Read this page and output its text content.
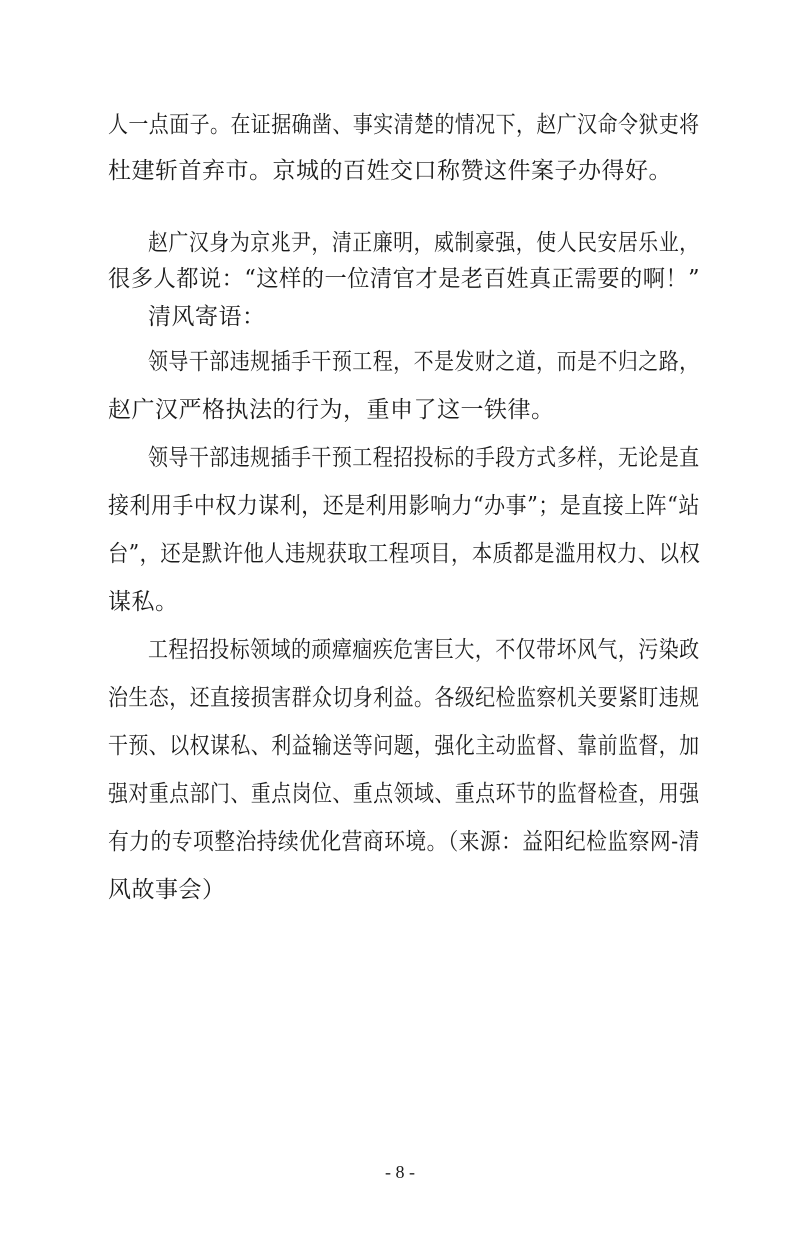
人一点面子。在证据确凿、事实清楚的情况下，赵广汉命令狱吏将
杜建斩首弃市。京城的百姓交口称赞这件案子办得好。
赵广汉身为京兆尹，清正廉明，威制豪强，使人民安居乐业，
很多人都说：“这样的一位清官才是老百姓真正需要的啊！”
清风寄语：
领导干部违规插手干预工程，不是发财之道，而是不归之路，
赵广汉严格执法的行为，重申了这一铁律。
领导干部违规插手干预工程招投标的手段方式多样，无论是直
接利用手中权力谋利，还是利用影响力“办事”；是直接上阵“站
台”，还是默许他人违规获取工程项目，本质都是滥用权力、以权
谋私。
工程招投标领域的顽瘴痼疾危害巨大，不仅带坏风气，污染政
治生态，还直接损害群众切身利益。各级纪检监察机关要紧盯违规
干预、以权谋私、利益输送等问题，强化主动监督、靠前监督，加
强对重点部门、重点岗位、重点领域、重点环节的监督检查，用强
有力的专项整治持续优化营商环境。（来源：益阳纪检监察网-清
风故事会）
- 8 -
